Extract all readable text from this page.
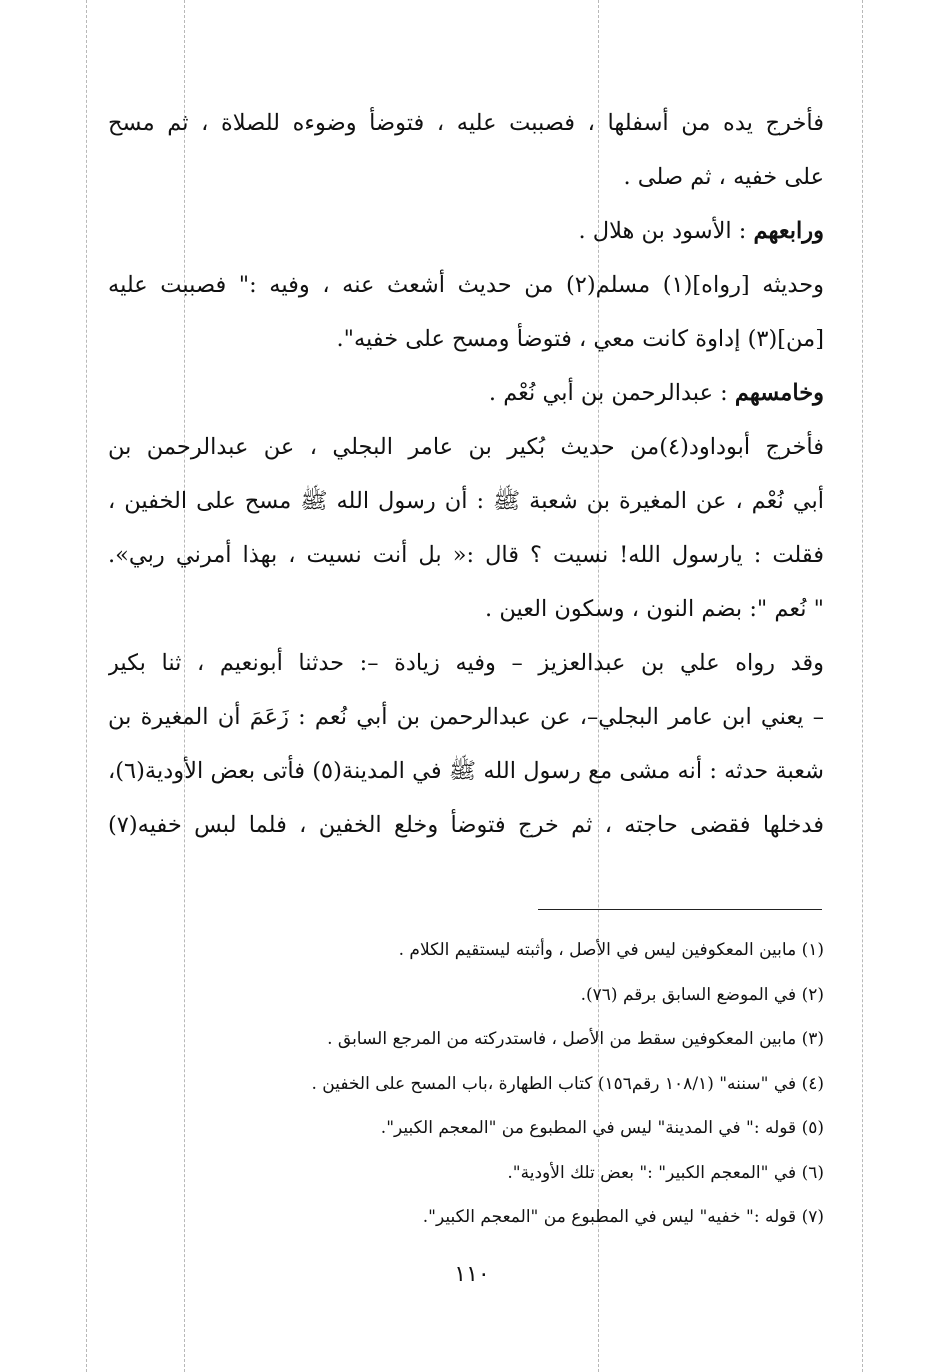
فأخرج يده من أسفلها ، فصببت عليه ، فتوضأ وضوءه للصلاة ، ثم مسح
على خفيه ، ثم صلى .
ورابعهم : الأسود بن هلال .
وحديثه [رواه](١) مسلم(٢) من حديث أشعث عنه ، وفيه :" فصببت عليه
[من](٣) إداوة كانت معي ، فتوضأ ومسح على خفيه".
وخامسهم : عبدالرحمن بن أبي نُعْم .
فأخرج أبوداود(٤)من حديث بُكير بن عامر البجلي ، عن عبدالرحمن بن
أبي نُعْم ، عن المغيرة بن شعبة ﷺ : أن رسول الله ﷺ مسح على الخفين ،
فقلت : يارسول الله! نسيت ؟ قال :« بل أنت نسيت ، بهذا أمرني ربي».
" نُعم ": بضم النون ، وسكون العين .
وقد رواه علي بن عبدالعزيز – وفيه زيادة –: حدثنا أبونعيم ، ثنا بكير
– يعني ابن عامر البجلي–، عن عبدالرحمن بن أبي نُعم : زَعَمَ أن المغيرة بن
شعبة حدثه : أنه مشى مع رسول الله ﷺ في المدينة(٥) فأتى بعض الأودية(٦)،
فدخلها فقضى حاجته ، ثم خرج فتوضأ وخلع الخفين ، فلما لبس خفيه(٧)
(١) مابين المعكوفين ليس في الأصل ، وأثبته ليستقيم الكلام .
(٢) في الموضع السابق برقم (٧٦).
(٣) مابين المعكوفين سقط من الأصل ، فاستدركته من المرجع السابق .
(٤) في "سننه" (١٠٨/١ رقم١٥٦) كتاب الطهارة ،باب المسح على الخفين .
(٥) قوله :" في المدينة" ليس في المطبوع من "المعجم الكبير".
(٦) في "المعجم الكبير" :" بعض تلك الأودية".
(٧) قوله :" خفيه" ليس في المطبوع من "المعجم الكبير".
١١٠
